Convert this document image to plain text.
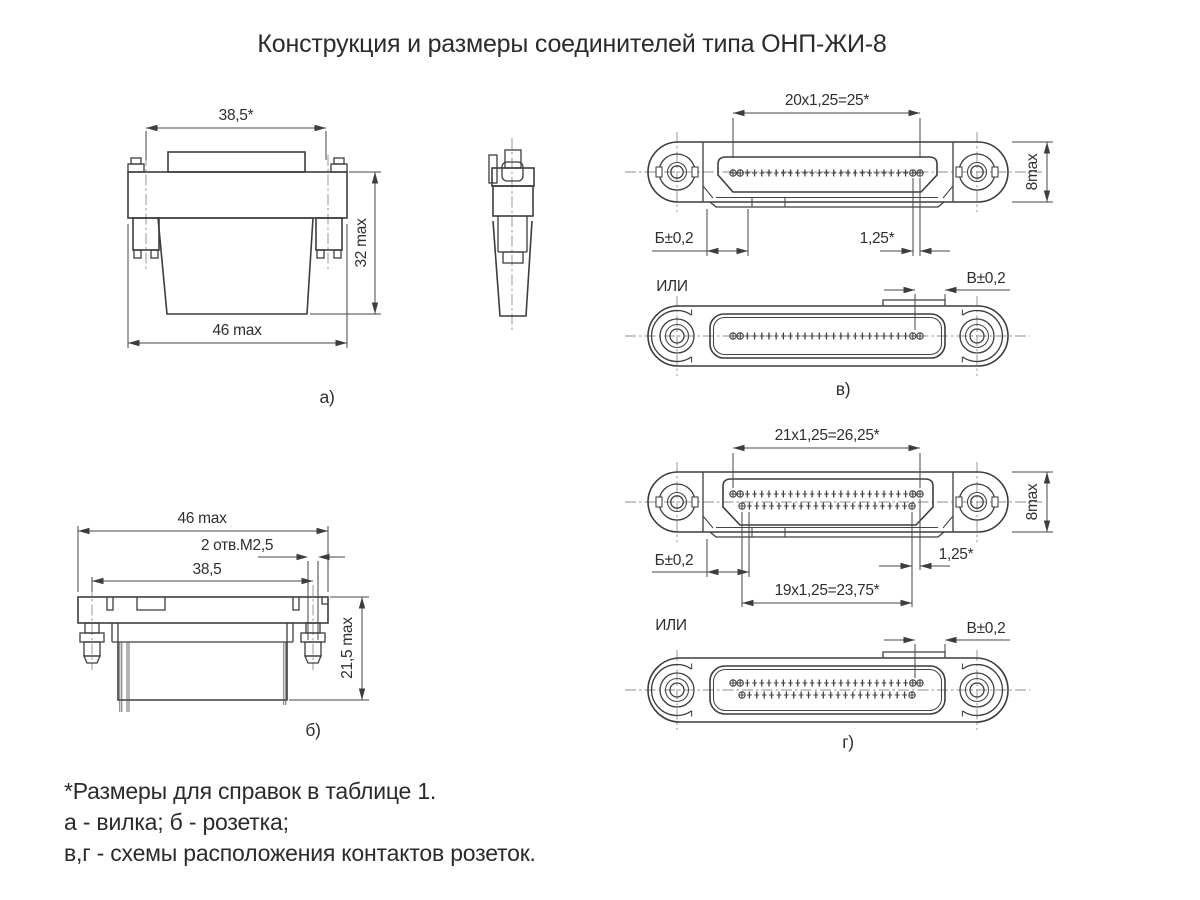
Конструкция и размеры соединителей типа ОНП-ЖИ-8
38,5*
32 max
46 max
а)
46 max
2 отв.М2,5
38,5
21,5 max
б)
20х1,25=25*
8max
Б±0,2	1,25*
В±0,2
ИЛИ
в)
21х1,25=26,25*
8max
Б±0,2	1,25*
19х1,25=23,75*
В±0,2
ИЛИ
г)
*Размеры для справок в таблице 1.
а - вилка; б - розетка;
в,г - схемы расположения контактов розеток.
